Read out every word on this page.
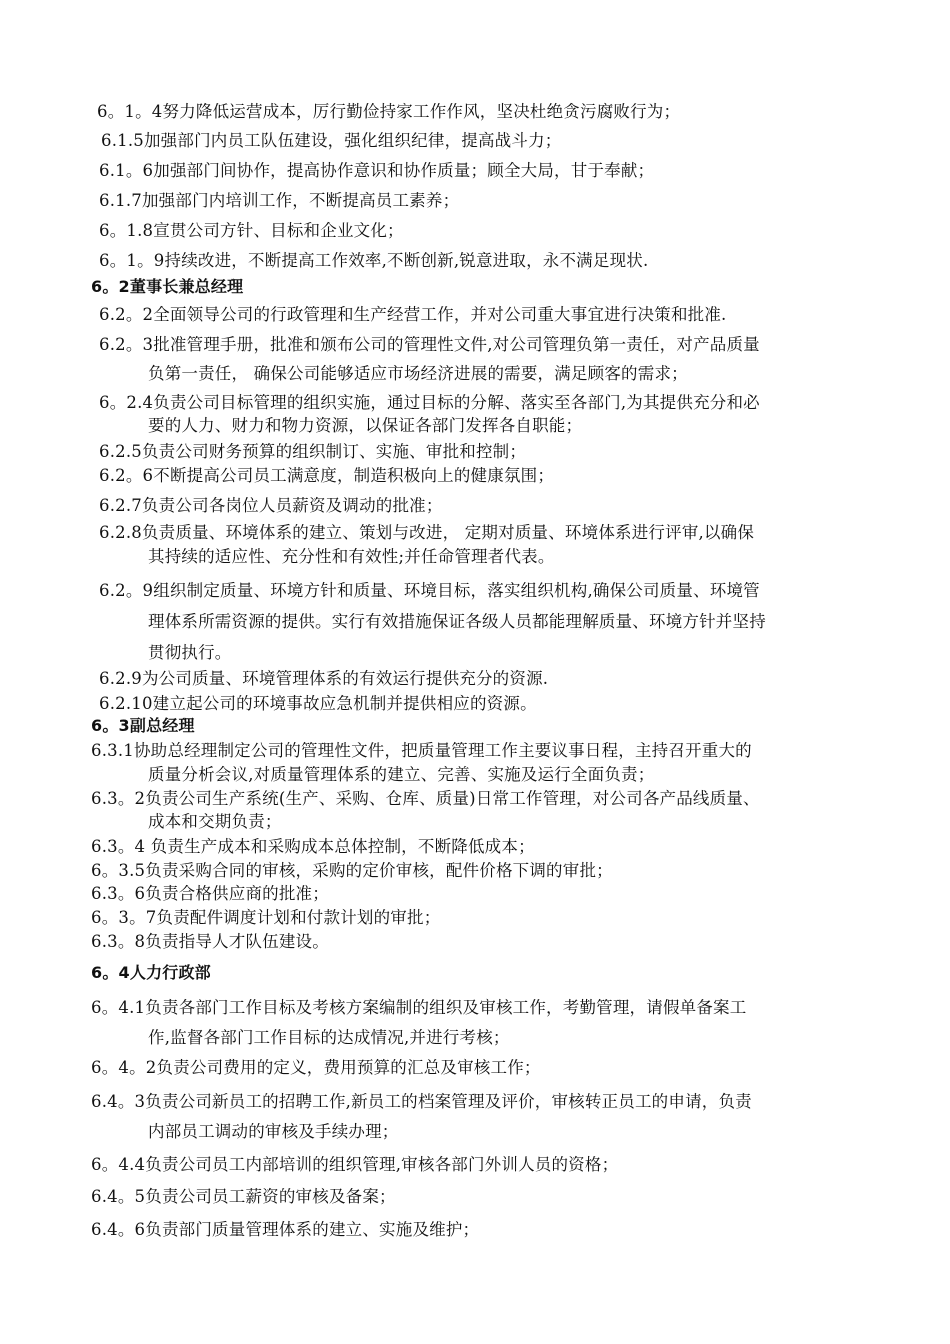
6。1。4努力降低运营成本，厉行勤俭持家工作作风，坚决杜绝贪污腐败行为；
6.1.5加强部门内员工队伍建设，强化组织纪律，提高战斗力；
6.1。6加强部门间协作，提高协作意识和协作质量；顾全大局，甘于奉献；
6.1.7加强部门内培训工作，不断提高员工素养；
6。1.8宣贯公司方针、目标和企业文化；
6。1。9持续改进，不断提高工作效率,不断创新,锐意进取，永不满足现状.
6。2董事长兼总经理
6.2。2全面领导公司的行政管理和生产经营工作，并对公司重大事宜进行决策和批准.
6.2。3批准管理手册，批准和颁布公司的管理性文件,对公司管理负第一责任，对产品质量
负第一责任， 确保公司能够适应市场经济进展的需要，满足顾客的需求；
6。2.4负责公司目标管理的组织实施，通过目标的分解、落实至各部门,为其提供充分和必
要的人力、财力和物力资源，以保证各部门发挥各自职能；
6.2.5负责公司财务预算的组织制订、实施、审批和控制；
6.2。6不断提高公司员工满意度，制造积极向上的健康氛围；
6.2.7负责公司各岗位人员薪资及调动的批准；
6.2.8负责质量、环境体系的建立、策划与改进， 定期对质量、环境体系进行评审,以确保
其持续的适应性、充分性和有效性;并任命管理者代表。
6.2。9组织制定质量、环境方针和质量、环境目标，落实组织机构,确保公司质量、环境管
理体系所需资源的提供。实行有效措施保证各级人员都能理解质量、环境方针并坚持
贯彻执行。
6.2.9为公司质量、环境管理体系的有效运行提供充分的资源.
6.2.10建立起公司的环境事故应急机制并提供相应的资源。
6。3副总经理
6.3.1协助总经理制定公司的管理性文件，把质量管理工作主要议事日程，主持召开重大的
质量分析会议,对质量管理体系的建立、完善、实施及运行全面负责；
6.3。2负责公司生产系统(生产、采购、仓库、质量)日常工作管理，对公司各产品线质量、
成本和交期负责；
6.3。4 负责生产成本和采购成本总体控制，不断降低成本；
6。3.5负责采购合同的审核，采购的定价审核，配件价格下调的审批；
6.3。6负责合格供应商的批准；
6。3。7负责配件调度计划和付款计划的审批；
6.3。8负责指导人才队伍建设。
6。4人力行政部
6。4.1负责各部门工作目标及考核方案编制的组织及审核工作，考勤管理，请假单备案工
作,监督各部门工作目标的达成情况,并进行考核；
6。4。2负责公司费用的定义，费用预算的汇总及审核工作；
6.4。3负责公司新员工的招聘工作,新员工的档案管理及评价，审核转正员工的申请，负责
内部员工调动的审核及手续办理；
6。4.4负责公司员工内部培训的组织管理,审核各部门外训人员的资格；
6.4。5负责公司员工薪资的审核及备案；
6.4。6负责部门质量管理体系的建立、实施及维护；
